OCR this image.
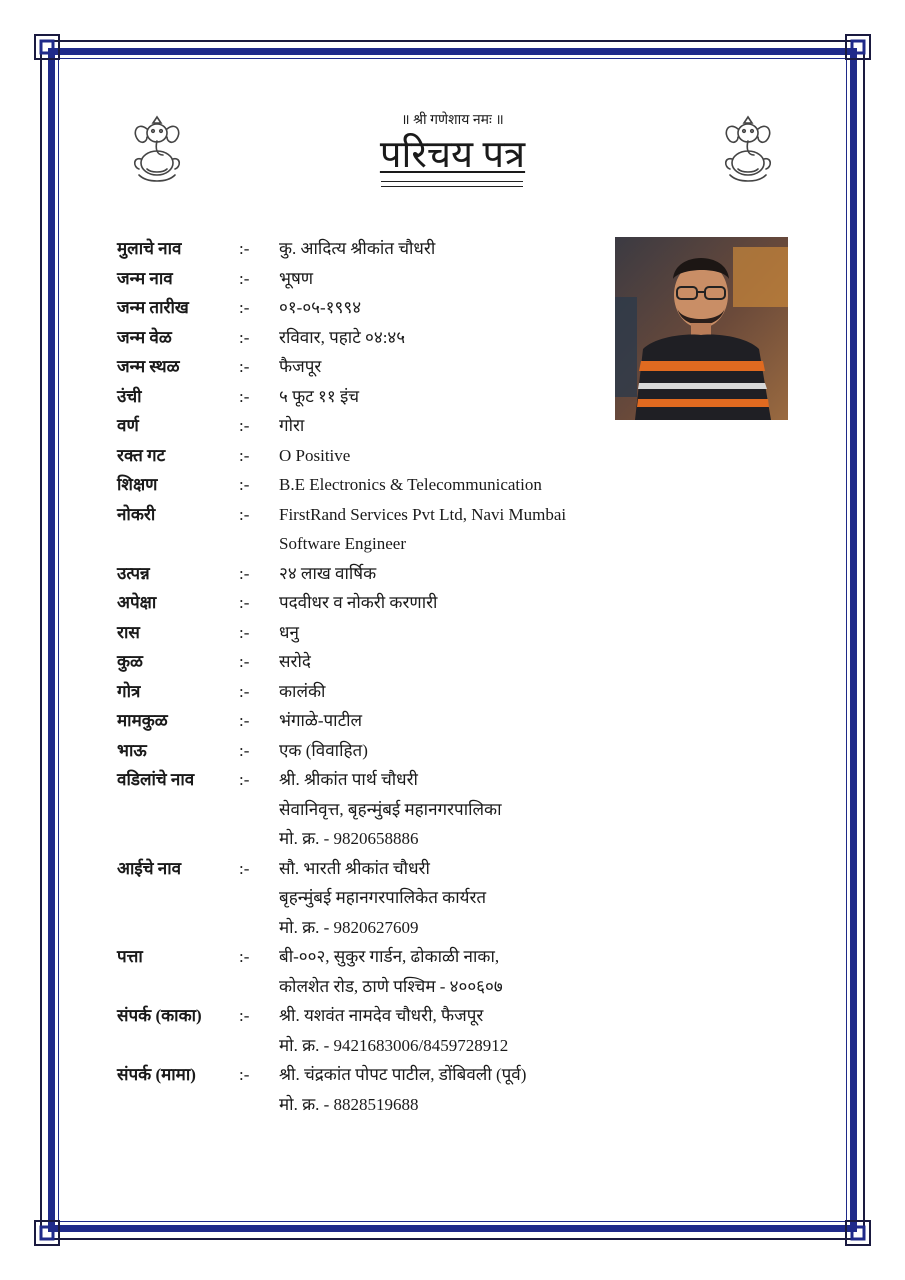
॥ श्री गणेशाय नमः ॥
परिचय पत्र
मुलाचे नाव	:-	कु. आदित्य श्रीकांत चौधरी
जन्म नाव	:-	भूषण
जन्म तारीख	:-	०१-०५-१९९४
जन्म वेळ	:-	रविवार, पहाटे ०४:४५
जन्म स्थळ	:-	फैजपूर
उंची	:-	५ फूट ११ इंच
वर्ण	:-	गोरा
रक्त गट	:-	O Positive
शिक्षण	:-	B.E Electronics & Telecommunication
नोकरी	:-	FirstRand Services Pvt Ltd, Navi Mumbai
Software Engineer
उत्पन्न	:-	२४ लाख वार्षिक
अपेक्षा	:-	पदवीधर व नोकरी करणारी
रास	:-	धनु
कुळ	:-	सरोदे
गोत्र	:-	कालंकी
मामकुळ	:-	भंगाळे-पाटील
भाऊ	:-	एक (विवाहित)
वडिलांचे नाव	:-	श्री. श्रीकांत पार्थ चौधरी
सेवानिवृत्त, बृहन्मुंबई महानगरपालिका
मो. क्र. - 9820658886
आईचे नाव	:-	सौ. भारती श्रीकांत चौधरी
बृहन्मुंबई महानगरपालिकेत कार्यरत
मो. क्र. - 9820627609
पत्ता	:-	बी-००२, सुकुर गार्डन, ढोकाळी नाका,
कोलशेत रोड, ठाणे पश्चिम - ४००६०७
संपर्क (काका)	:-	श्री. यशवंत नामदेव चौधरी, फैजपूर
मो. क्र. - 9421683006/8459728912
संपर्क (मामा)	:-	श्री. चंद्रकांत पोपट पाटील, डोंबिवली (पूर्व)
मो. क्र. - 8828519688
